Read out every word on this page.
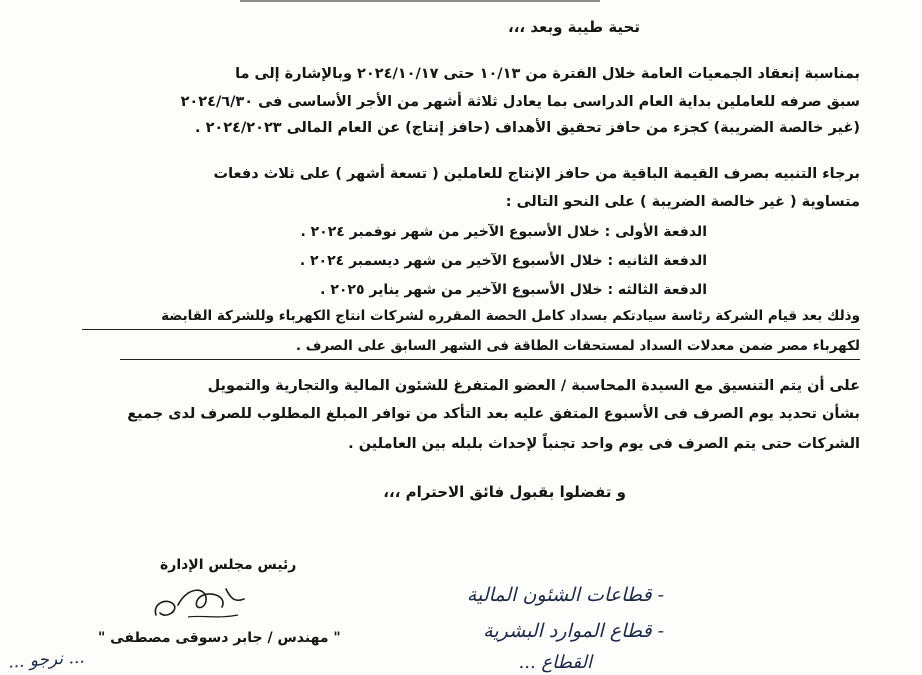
تحية طيبة وبعد ،،،
بمناسبة إنعقاد الجمعيات العامة خلال الفترة من ١٠/١٣ حتى ٢٠٢٤/١٠/١٧ وبالإشارة إلى ما
سبق صرفه للعاملين بداية العام الدراسى بما يعادل ثلاثة أشهر من الأجر الأساسى فى ٢٠٢٤/٦/٣٠
(غير خالصة الضريبة) كجزء من حافز تحقيق الأهداف (حافز إنتاج) عن العام المالى ٢٠٢٤/٢٠٢٣ .
برجاء التنبيه بصرف القيمة الباقية من حافز الإنتاج للعاملين ( تسعة أشهر ) على ثلاث دفعات
متساوية ( غير خالصة الضريبة ) على النحو التالى :
الدفعة الأولى : خلال الأسبوع الآخير من شهر نوفمبر ٢٠٢٤ .
الدفعة الثانيه : خلال الأسبوع الآخير من شهر ديسمبر ٢٠٢٤ .
الدفعة الثالثه : خلال الأسبوع الآخير من شهر يناير ٢٠٢٥ .
وذلك بعد قيام الشركة رئاسة سيادتكم بسداد كامل الحصة المقرره لشركات انتاج الكهرباء وللشركة القابضة
لكهرباء مصر ضمن معدلات السداد لمستحقات الطاقة فى الشهر السابق على الصرف .
على أن يتم التنسيق مع السيدة المحاسبة / العضو المتفرغ للشئون المالية والتجارية والتمويل
بشأن تحديد يوم الصرف فى الأسبوع المتفق عليه بعد التأكد من توافر المبلغ المطلوب للصرف لدى جميع
الشركات حتى يتم الصرف فى يوم واحد تجنباً لإحداث بلبله بين العاملين .
و تفضلوا بقبول فائق الاحترام ،،،
رئيس مجلس الإدارة
" مهندس / جابر دسوقى مصطفى "
- قطاعات الشئون المالية
- قطاع الموارد البشرية
القطاع ...
... نرجو ...
